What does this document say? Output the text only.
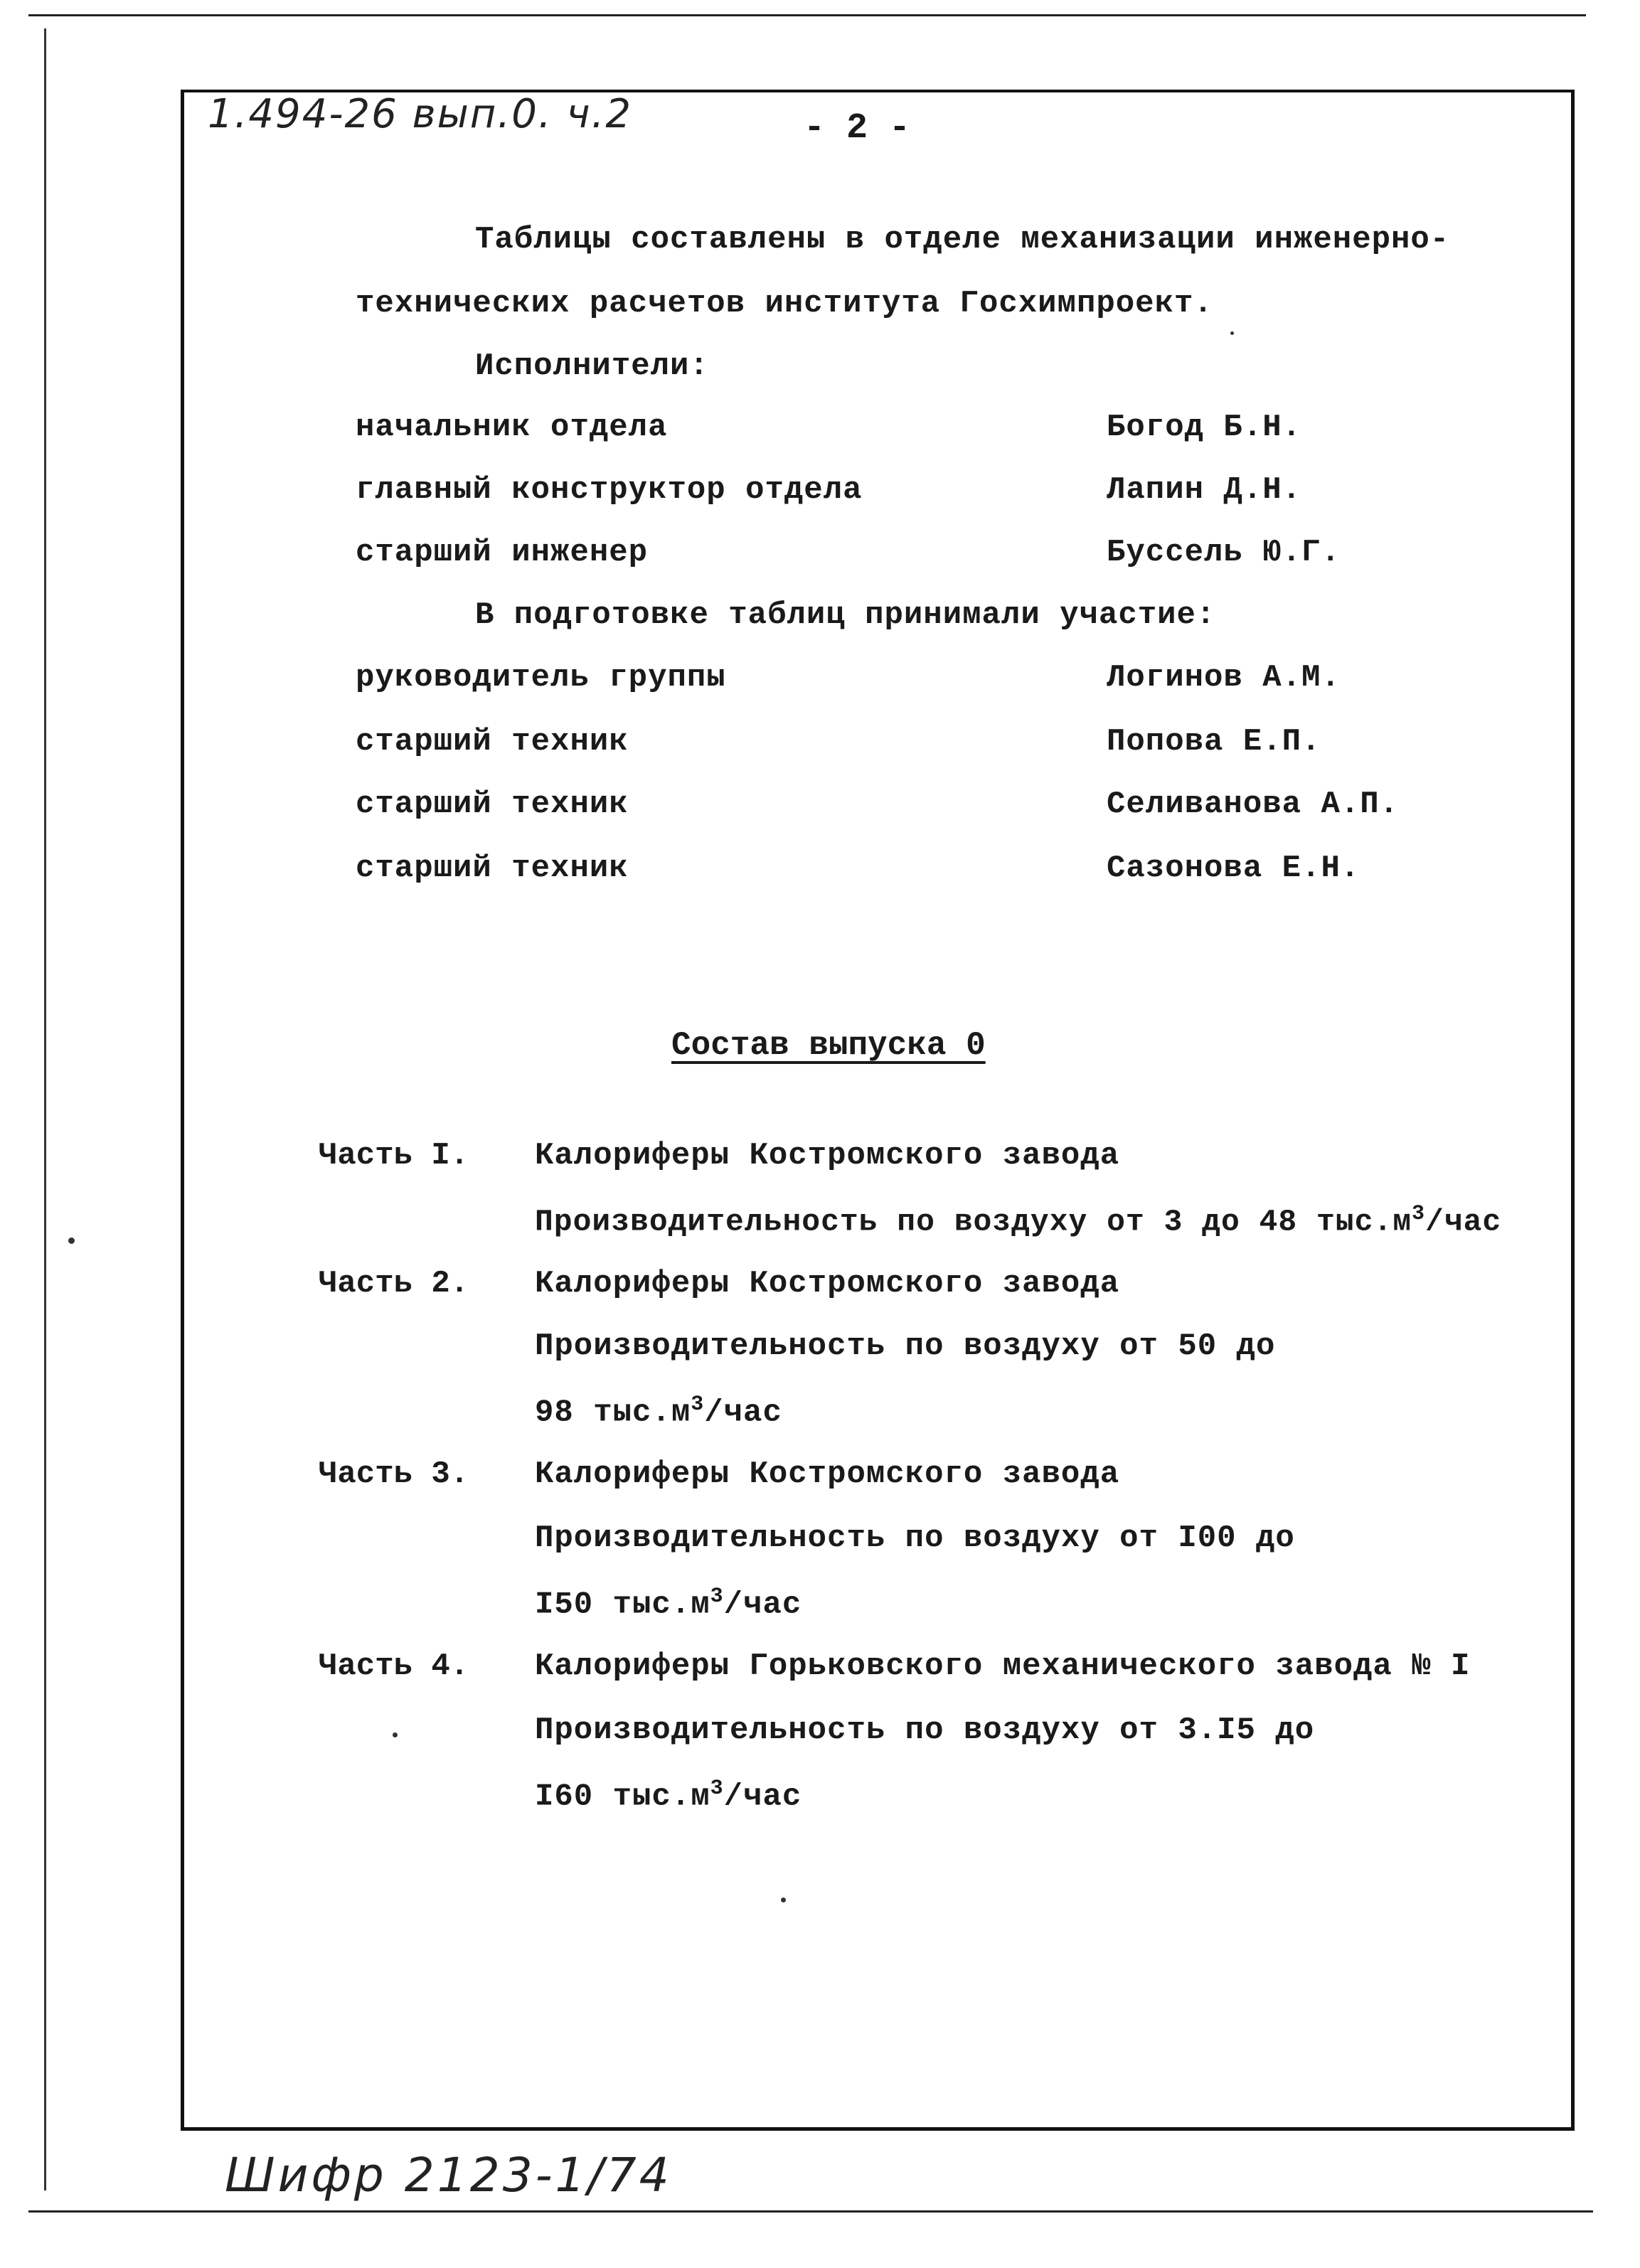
1.494-26 вып.0. ч.2
Шифр 2123-1/74
- 2 -
Таблицы составлены в отделе механизации инженерно-
технических расчетов института Госхимпроект.
Исполнители:
начальник отдела	Богод Б.Н.
главный конструктор отдела	Лапин Д.Н.
старший инженер	Буссель Ю.Г.
В подготовке таблиц принимали участие:
руководитель группы	Логинов А.М.
старший техник	Попова Е.П.
старший техник	Селиванова А.П.
старший техник	Сазонова Е.Н.
Состав выпуска 0
Часть I. Калориферы Костромского завода
Производительность по воздуху от 3 до 48 $тыс.м^3$/час
Часть 2. Калориферы Костромского завода
Производительность по воздуху от 50 до
98 $тыс.м^3$/час
Часть 3. Калориферы Костромского завода
Производительность по воздуху от I00 до
I50 $тыс.м^3$/час
Часть 4. Калориферы Горьковского механического завода № I
Производительность по воздуху от 3.I5 до
I60 $тыс.м^3$/час
